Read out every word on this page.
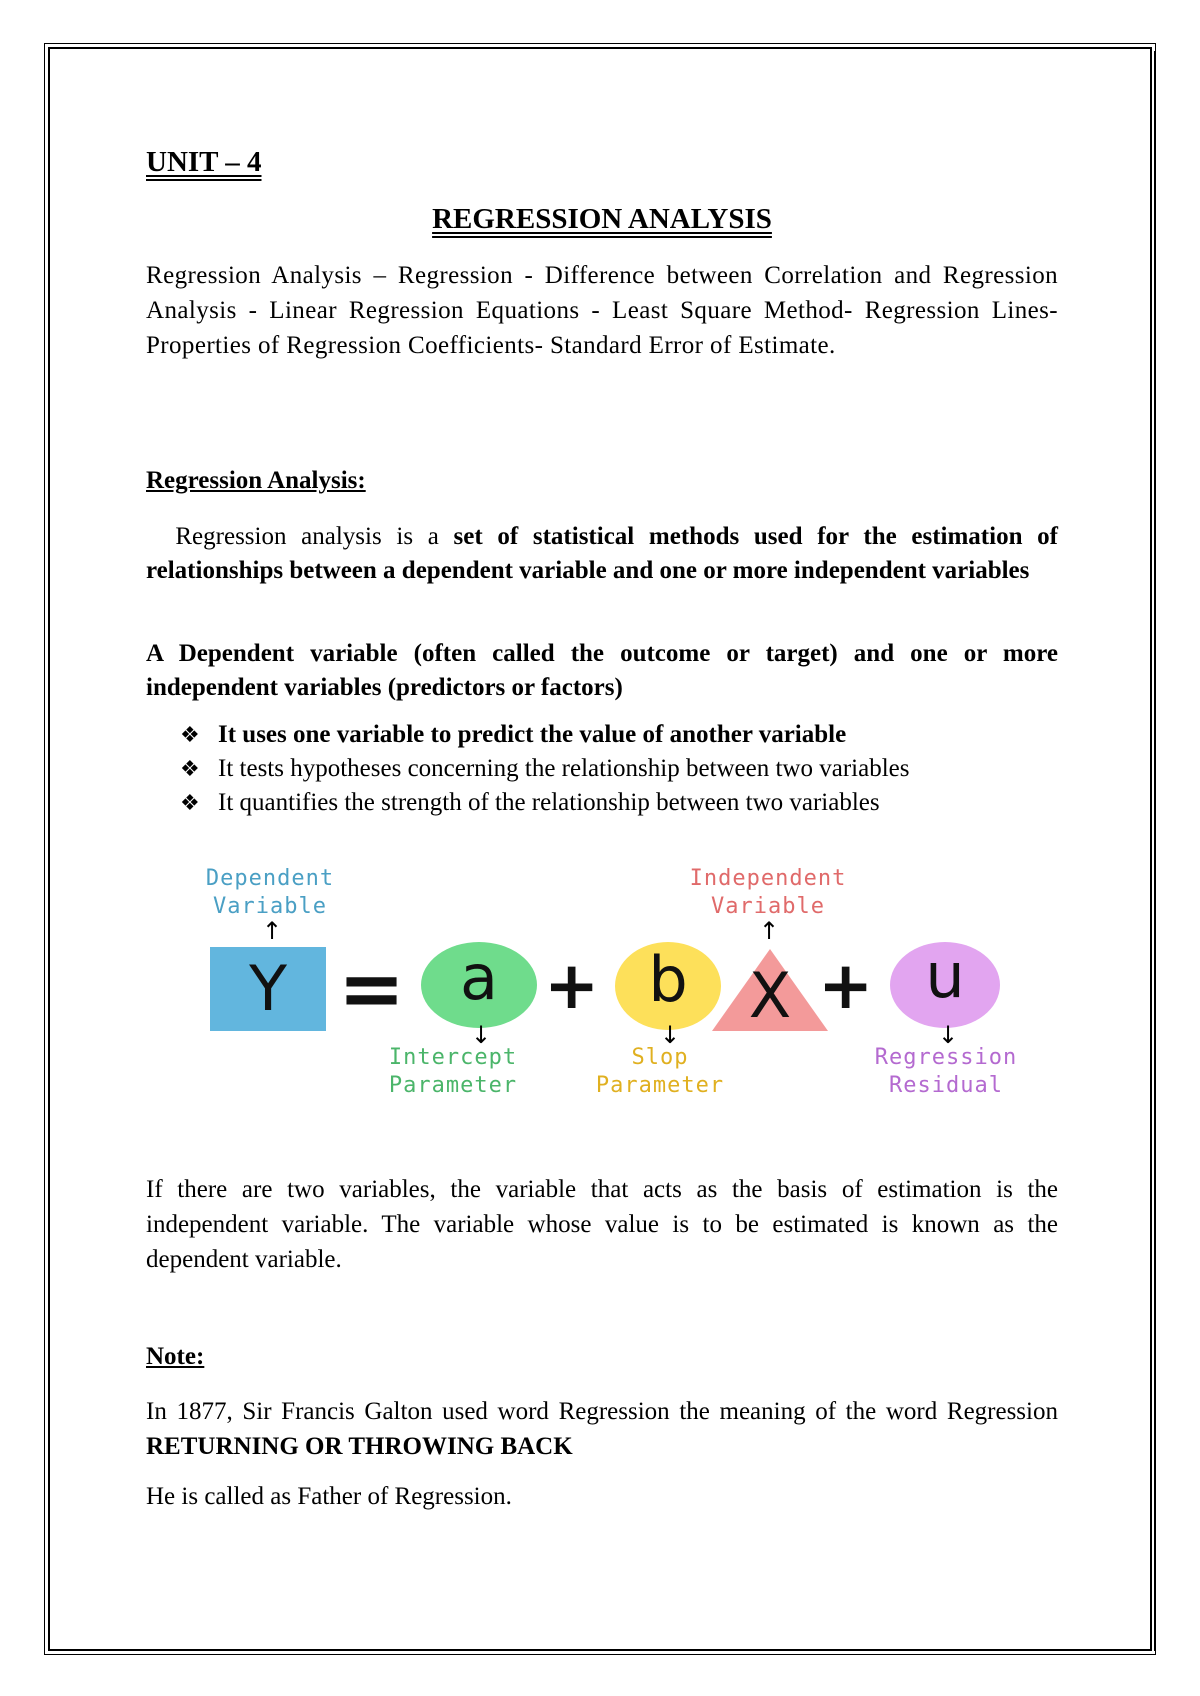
UNIT – 4
REGRESSION ANALYSIS
Regression Analysis – Regression - Difference between Correlation and Regression Analysis - Linear Regression Equations - Least Square Method- Regression Lines- Properties of Regression Coefficients- Standard Error of Estimate.
Regression Analysis:
Regression analysis is a set of statistical methods used for the estimation of relationships between a dependent variable and one or more independent variables
A Dependent variable (often called the outcome or target) and one or more independent variables (predictors or factors)
❖ It uses one variable to predict the value of another variable
❖ It tests hypotheses concerning the relationship between two variables
❖ It quantifies the strength of the relationship between two variables
Dependent
Variable
↑
Independent
Variable
↑
Y = a
↓
+ b
↓
X + u
↓
Intercept
Parameter
Slop
Parameter
Regression
Residual
If there are two variables, the variable that acts as the basis of estimation is the independent variable. The variable whose value is to be estimated is known as the dependent variable.
Note:
In 1877, Sir Francis Galton used word Regression the meaning of the word Regression RETURNING OR THROWING BACK
He is called as Father of Regression.
